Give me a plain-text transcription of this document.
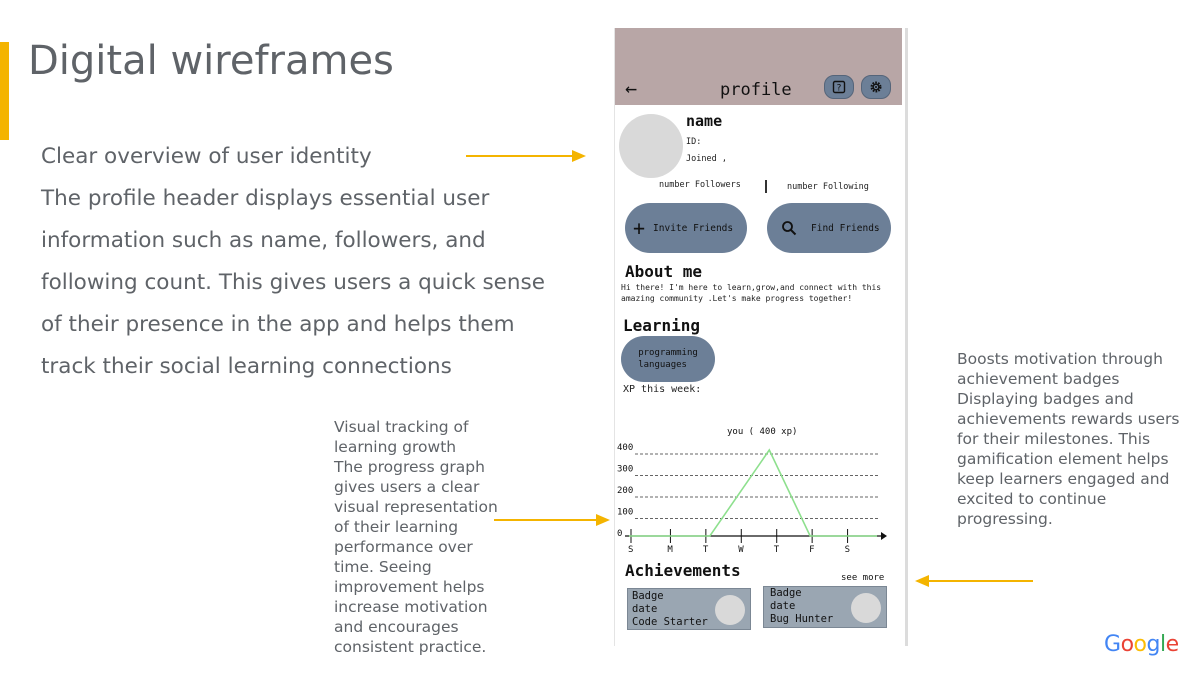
Digital wireframes
Clear overview of user identity
The profile header displays essential user
information such as name, followers, and
following count. This gives users a quick sense
of their presence in the app and helps them
track their social learning connections
Visual tracking of
learning growth
The progress graph
gives users a clear
visual representation
of their learning
performance over
time. Seeing
improvement helps
increase motivation
and encourages
consistent practice.
Boosts motivation through
achievement badges
Displaying badges and
achievements rewards users
for their milestones. This
gamification element helps
keep learners engaged and
excited to continue
progressing.
Google
←	profile	?
name
ID:
Joined ,
number Followers	number Following
+ Invite Friends	Find Friends
About me
Hi there! I'm here to learn,grow,and connect with this amazing community .Let's make progress together!
Learning
programming
languages
XP this week:
you ( 400 xp)
0
100
200
300
400
S	M	T	W	T	F	S
Achievements	see more
Badge
date
Code Starter
Badge
date
Bug Hunter
